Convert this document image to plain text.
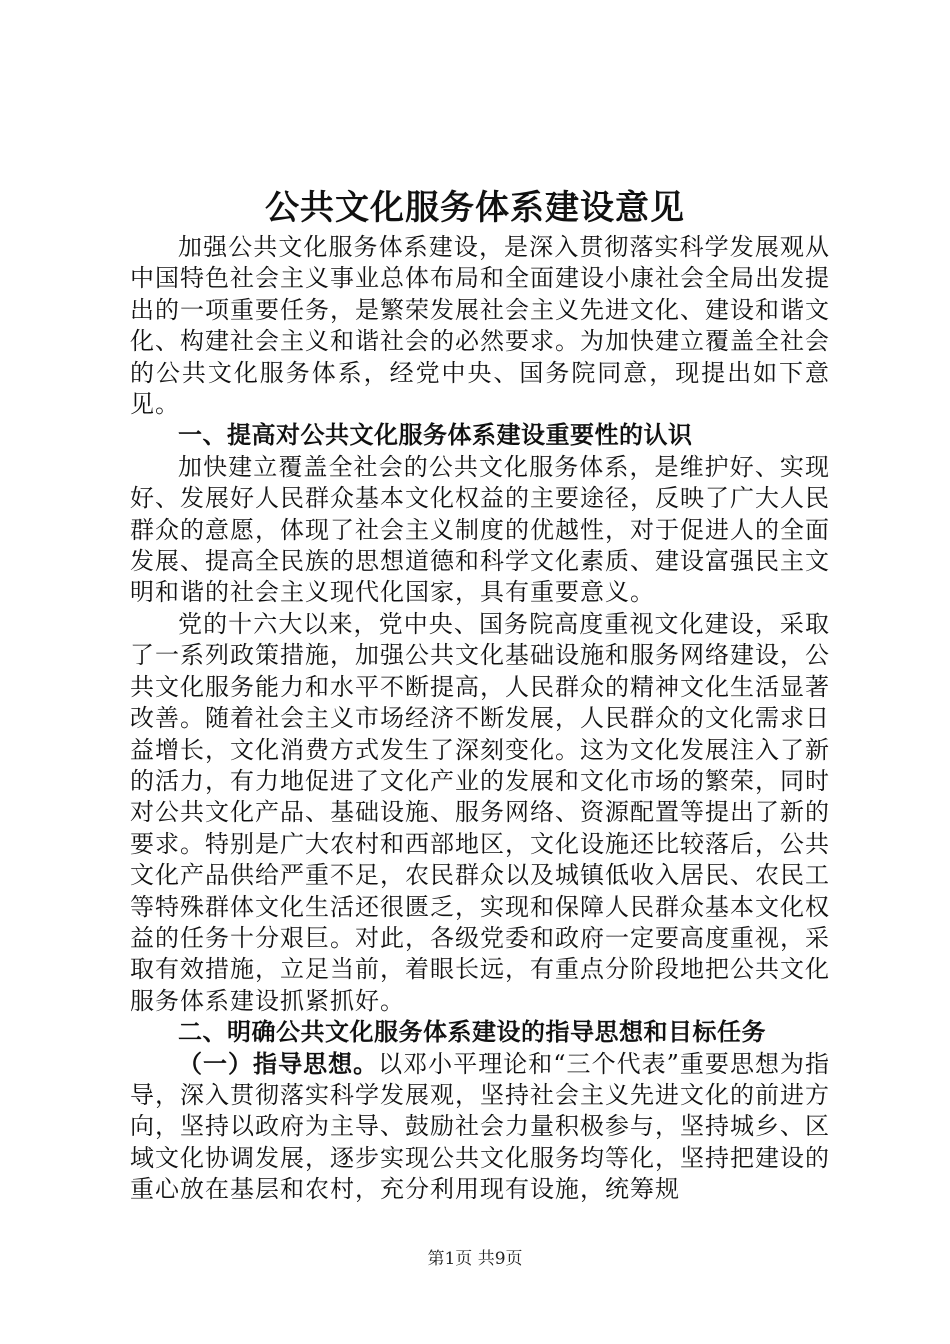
公共文化服务体系建设意见

加强公共文化服务体系建设，是深入贯彻落实科学发展观从中国特色社会主义事业总体布局和全面建设小康社会全局出发提出的一项重要任务，是繁荣发展社会主义先进文化、建设和谐文化、构建社会主义和谐社会的必然要求。为加快建立覆盖全社会的公共文化服务体系，经党中央、国务院同意，现提出如下意见。

一、提高对公共文化服务体系建设重要性的认识

加快建立覆盖全社会的公共文化服务体系，是维护好、实现好、发展好人民群众基本文化权益的主要途径，反映了广大人民群众的意愿，体现了社会主义制度的优越性，对于促进人的全面发展、提高全民族的思想道德和科学文化素质、建设富强民主文明和谐的社会主义现代化国家，具有重要意义。

党的十六大以来，党中央、国务院高度重视文化建设，采取了一系列政策措施，加强公共文化基础设施和服务网络建设，公共文化服务能力和水平不断提高，人民群众的精神文化生活显著改善。随着社会主义市场经济不断发展，人民群众的文化需求日益增长，文化消费方式发生了深刻变化。这为文化发展注入了新的活力，有力地促进了文化产业的发展和文化市场的繁荣，同时对公共文化产品、基础设施、服务网络、资源配置等提出了新的要求。特别是广大农村和西部地区，文化设施还比较落后，公共文化产品供给严重不足，农民群众以及城镇低收入居民、农民工等特殊群体文化生活还很匮乏，实现和保障人民群众基本文化权益的任务十分艰巨。对此，各级党委和政府一定要高度重视，采取有效措施，立足当前，着眼长远，有重点分阶段地把公共文化服务体系建设抓紧抓好。

二、明确公共文化服务体系建设的指导思想和目标任务

（一）指导思想。以邓小平理论和“三个代表”重要思想为指导，深入贯彻落实科学发展观，坚持社会主义先进文化的前进方向，坚持以政府为主导、鼓励社会力量积极参与，坚持城乡、区域文化协调发展，逐步实现公共文化服务均等化，坚持把建设的重心放在基层和农村，充分利用现有设施，统筹规

第1页 共9页
